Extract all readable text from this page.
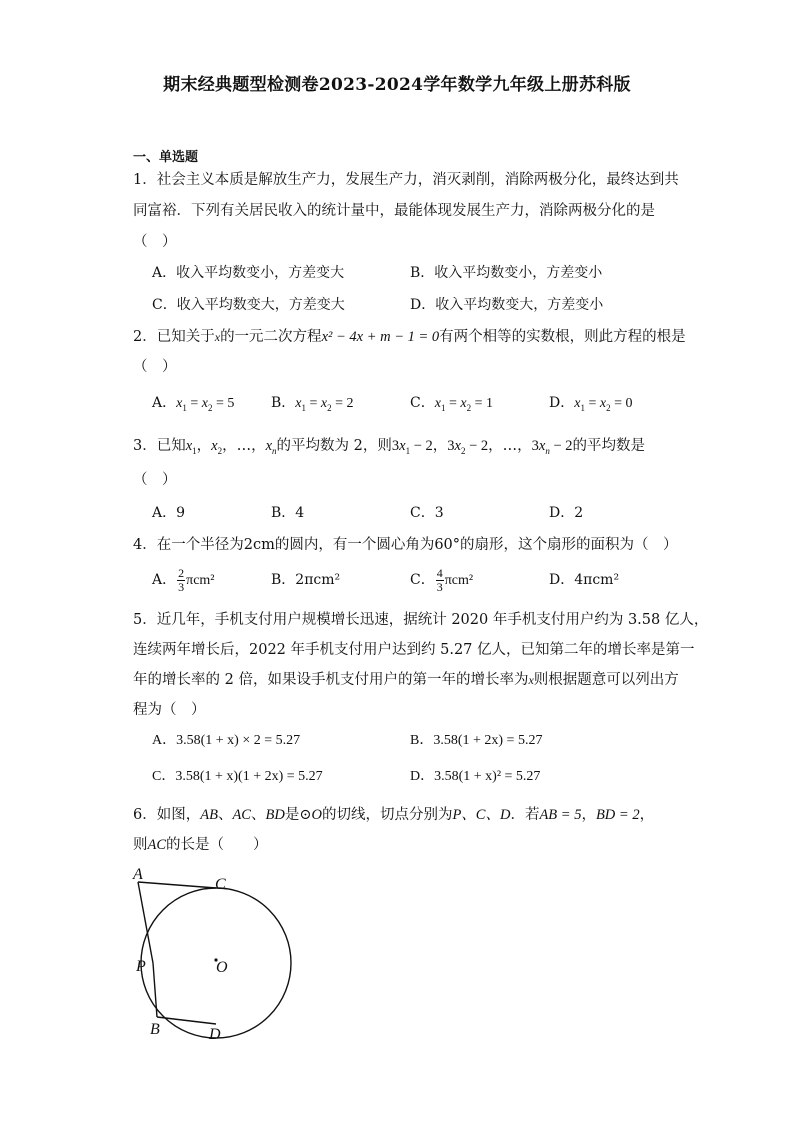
期末经典题型检测卷2023-2024学年数学九年级上册苏科版
一、单选题
1．社会主义本质是解放生产力，发展生产力，消灭剥削，消除两极分化，最终达到共
同富裕．下列有关居民收入的统计量中，最能体现发展生产力，消除两极分化的是
（　）
A．收入平均数变小，方差变大	B．收入平均数变小，方差变小
C．收入平均数变大，方差变大	D．收入平均数变大，方差变小
2．已知关于x的一元二次方程x² − 4x + m − 1 = 0有两个相等的实数根，则此方程的根是
（　）
A．$x_1 = x_2 = 5$	B．$x_1 = x_2 = 2$	C．$x_1 = x_2 = 1$	D．$x_1 = x_2 = 0$
3．已知$x_1$，$x_2$，…，$x_n$的平均数为 2，则$3x_1 - 2$，$3x_2 - 2$，…，$3x_n - 2$的平均数是
（　）
A．9	B．4	C．3	D．2
4．在一个半径为2cm的圆内，有一个圆心角为60°的扇形，这个扇形的面积为（　）
A． $\frac{2}{3} \pi cm^2$	B．2πcm²	C． $\frac{4}{3} \pi cm^2$	D．4πcm²
5．近几年，手机支付用户规模增长迅速，据统计 2020 年手机支付用户约为 3.58 亿人，
连续两年增长后，2022 年手机支付用户达到约 5.27 亿人，已知第二年的增长率是第一
年的增长率的 2 倍，如果设手机支付用户的第一年的增长率为x则根据题意可以列出方
程为（　）
A．3.58(1 + x) × 2 = 5.27	B．3.58(1 + 2x) = 5.27
C．3.58(1 + x)(1 + 2x) = 5.27	D．3.58(1 + x)² = 5.27
6．如图，AB、AC、BD是⊙O的切线，切点分别为P、C、D．若AB = 5，BD = 2，
则AC的长是（　　）
A
C
P	O
B	D
